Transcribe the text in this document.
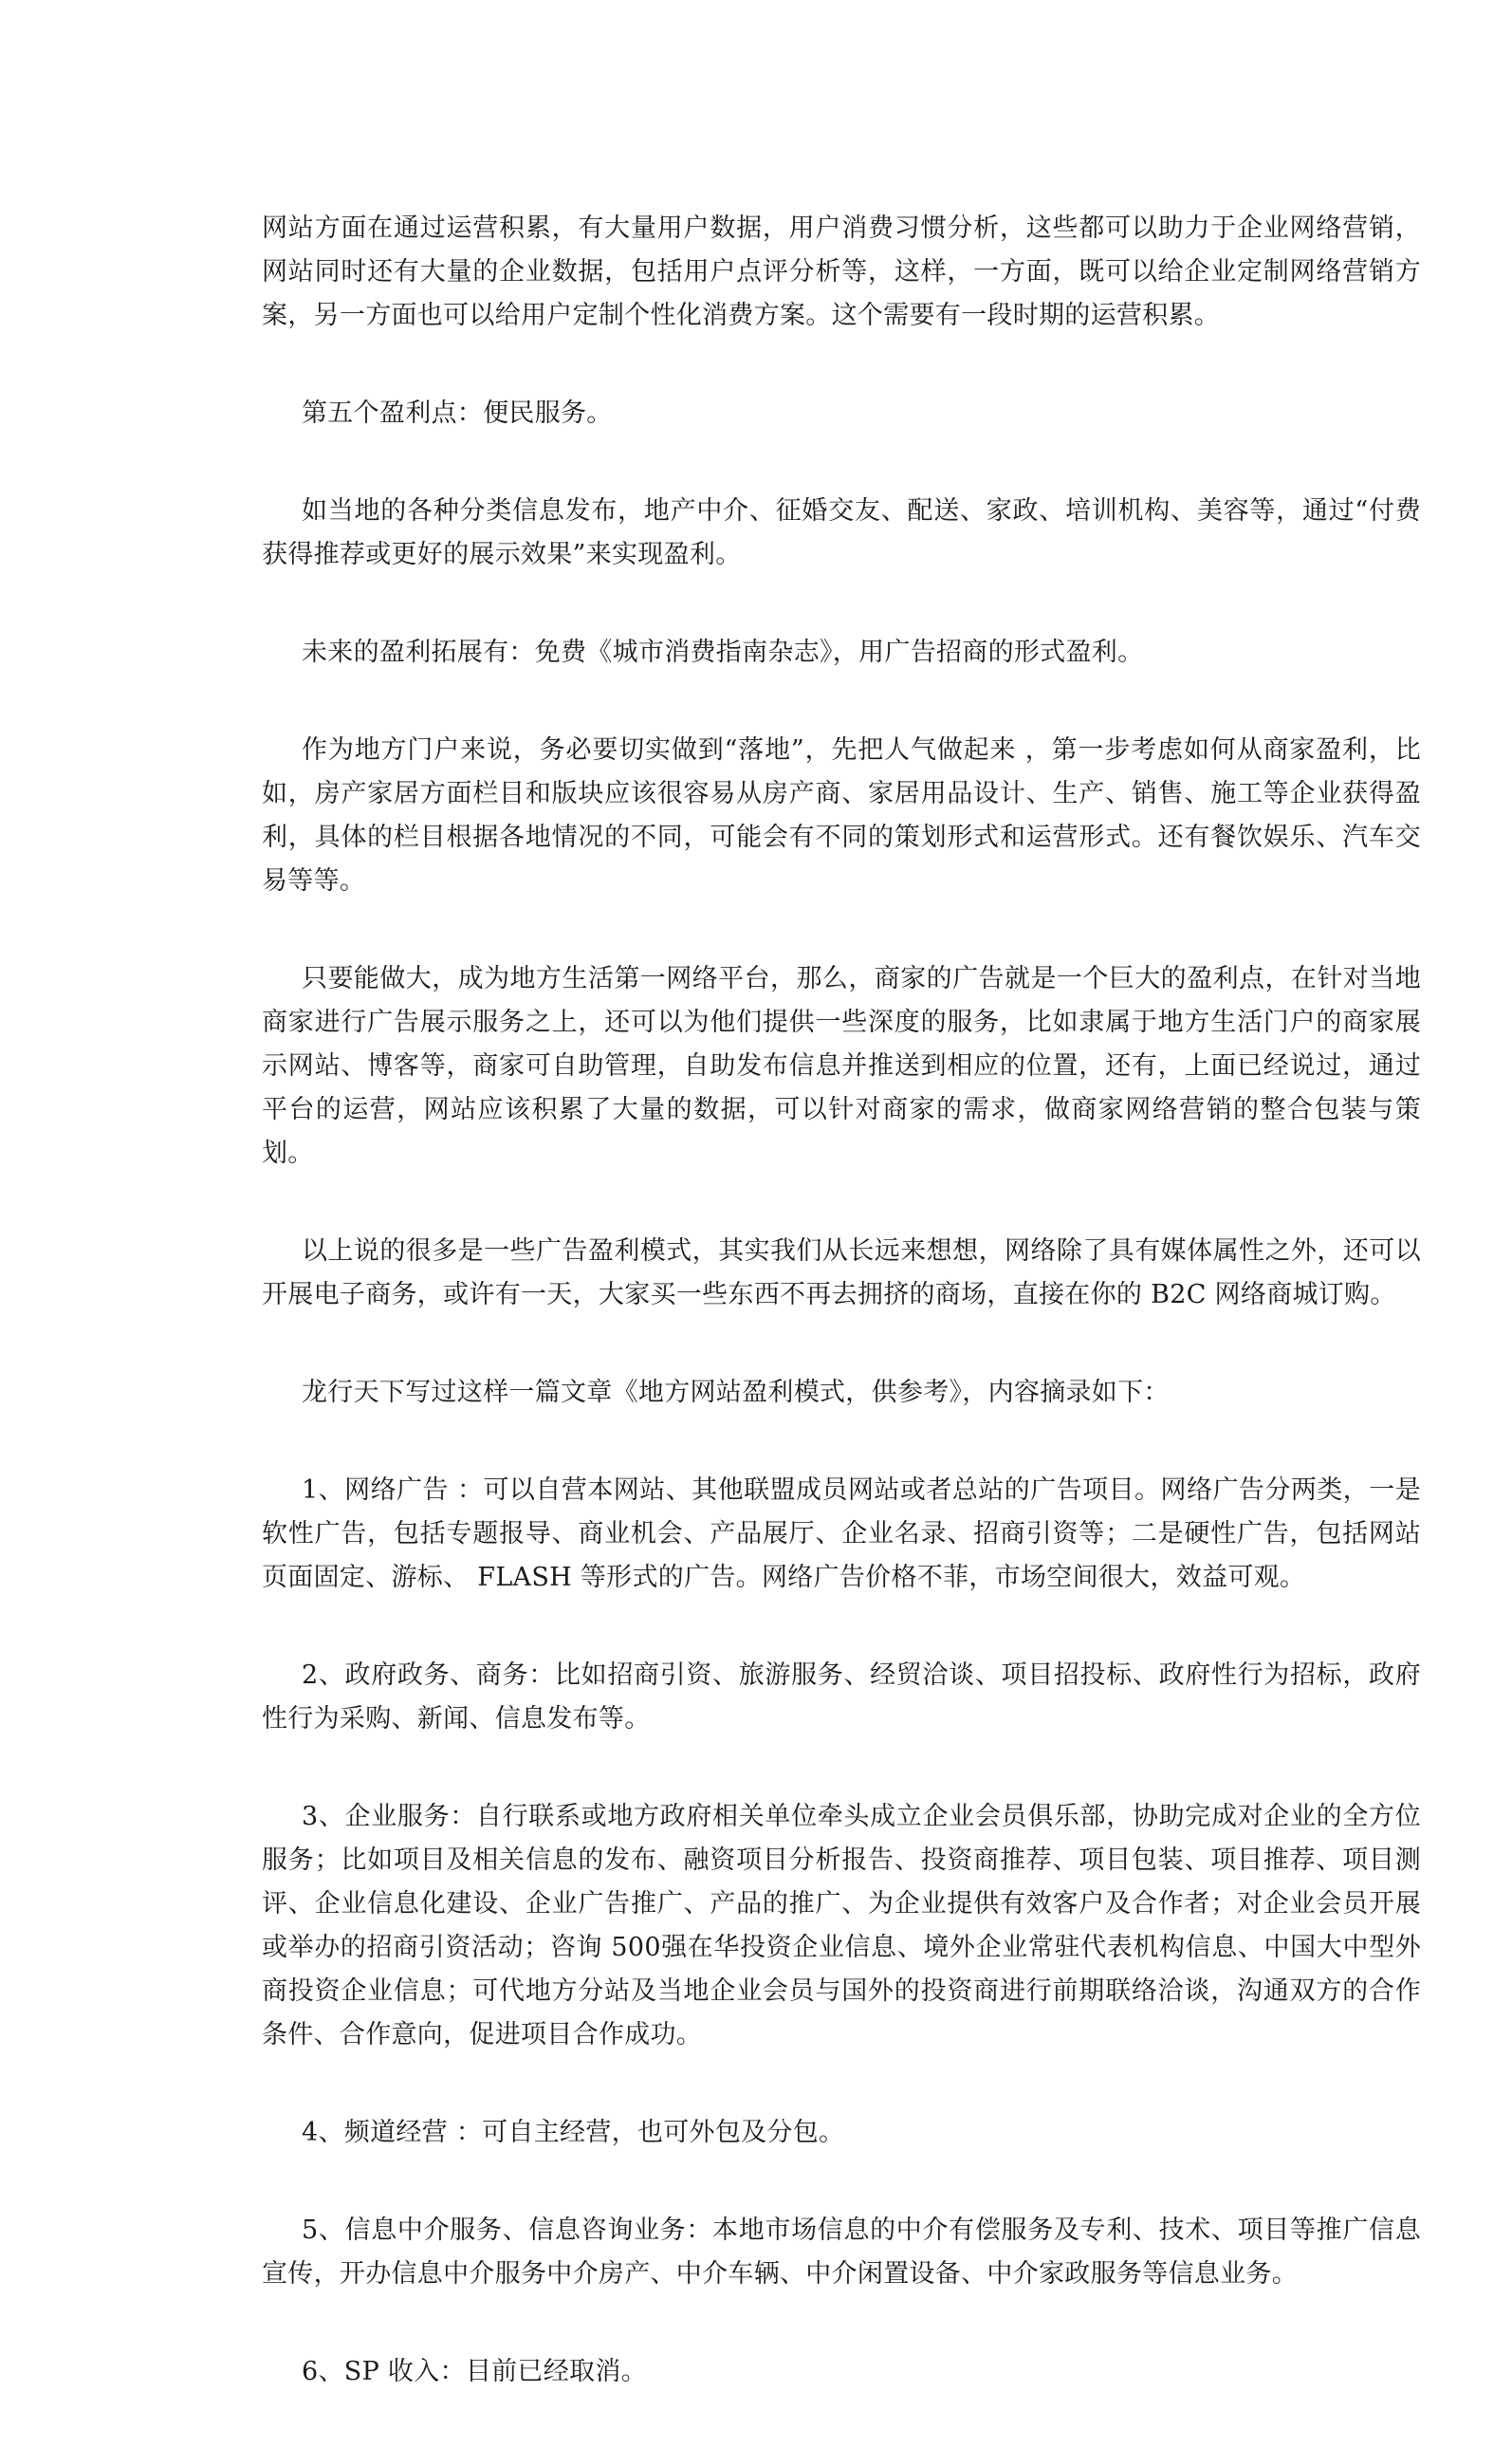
网站方面在通过运营积累，有大量用户数据，用户消费习惯分析，这些都可以助力于企业网络营销，网站同时还有大量的企业数据，包括用户点评分析等，这样，一方面，既可以给企业定制网络营销方案，另一方面也可以给用户定制个性化消费方案。这个需要有一段时期的运营积累。

第五个盈利点：便民服务。

如当地的各种分类信息发布，地产中介、征婚交友、配送、家政、培训机构、美容等，通过“付费获得推荐或更好的展示效果”来实现盈利。

未来的盈利拓展有：免费《城市消费指南杂志》，用广告招商的形式盈利。

作为地方门户来说，务必要切实做到“落地”，先把人气做起来 ，第一步考虑如何从商家盈利，比如，房产家居方面栏目和版块应该很容易从房产商、家居用品设计、生产、销售、施工等企业获得盈利，具体的栏目根据各地情况的不同，可能会有不同的策划形式和运营形式。还有餐饮娱乐、汽车交易等等。

只要能做大，成为地方生活第一网络平台，那么，商家的广告就是一个巨大的盈利点，在针对当地商家进行广告展示服务之上，还可以为他们提供一些深度的服务，比如隶属于地方生活门户的商家展示网站、博客等，商家可自助管理，自助发布信息并推送到相应的位置，还有，上面已经说过，通过平台的运营，网站应该积累了大量的数据，可以针对商家的需求，做商家网络营销的整合包装与策划。

以上说的很多是一些广告盈利模式，其实我们从长远来想想，网络除了具有媒体属性之外，还可以开展电子商务，或许有一天，大家买一些东西不再去拥挤的商场，直接在你的 B2C 网络商城订购。

龙行天下写过这样一篇文章《地方网站盈利模式，供参考》，内容摘录如下：

1、网络广告 ：可以自营本网站、其他联盟成员网站或者总站的广告项目。网络广告分两类，一是软性广告，包括专题报导、商业机会、产品展厅、企业名录、招商引资等；二是硬性广告，包括网站页面固定、游标、 FLASH 等形式的广告。网络广告价格不菲，市场空间很大，效益可观。

2、政府政务、商务：比如招商引资、旅游服务、经贸洽谈、项目招投标、政府性行为招标，政府性行为采购、新闻、信息发布等。

3、企业服务：自行联系或地方政府相关单位牵头成立企业会员俱乐部，协助完成对企业的全方位服务；比如项目及相关信息的发布、融资项目分析报告、投资商推荐、项目包装、项目推荐、项目测评、企业信息化建设、企业广告推广、产品的推广、为企业提供有效客户及合作者；对企业会员开展或举办的招商引资活动；咨询 500强在华投资企业信息、境外企业常驻代表机构信息、中国大中型外商投资企业信息；可代地方分站及当地企业会员与国外的投资商进行前期联络洽谈，沟通双方的合作条件、合作意向，促进项目合作成功。

4、频道经营 ：可自主经营，也可外包及分包。

5、信息中介服务、信息咨询业务：本地市场信息的中介有偿服务及专利、技术、项目等推广信息宣传，开办信息中介服务中介房产、中介车辆、中介闲置设备、中介家政服务等信息业务。

6、SP 收入：目前已经取消。
